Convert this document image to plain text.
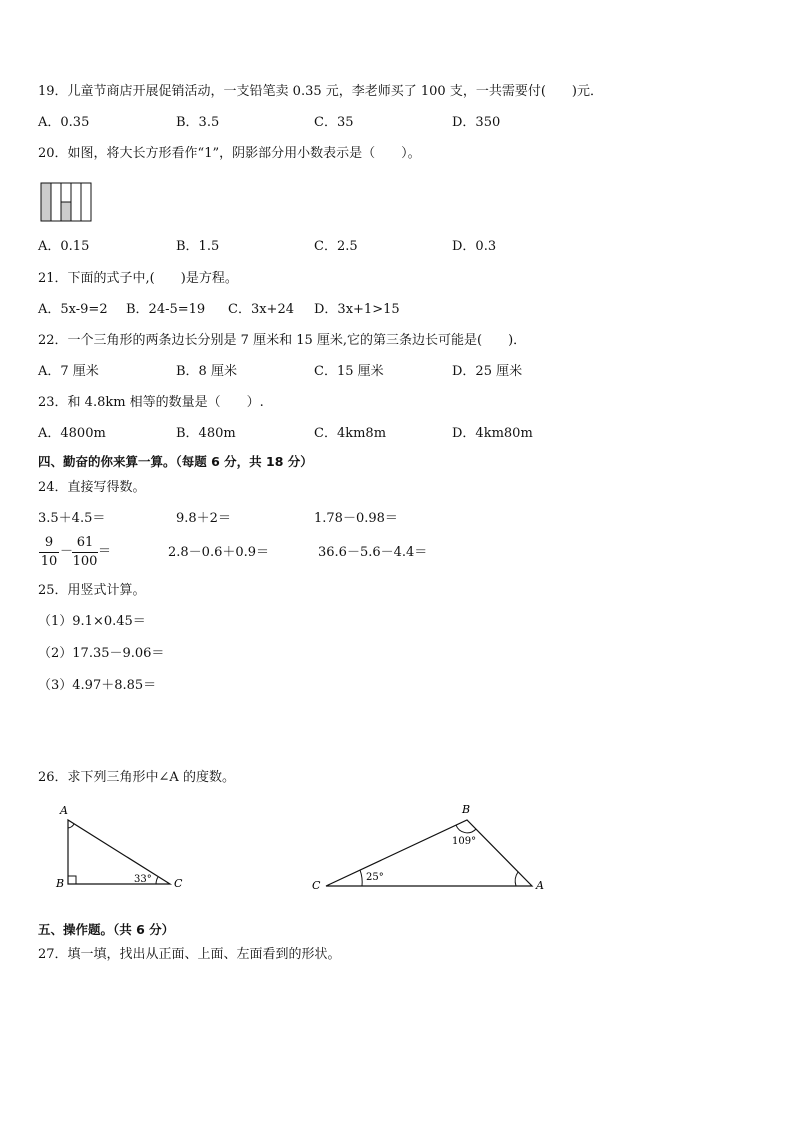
19．儿童节商店开展促销活动，一支铅笔卖 0.35 元，李老师买了 100 支，一共需要付(　　)元．
A．0.35	B．3.5	C．35	D．350
20．如图，将大长方形看作“1”，阴影部分用小数表示是（　　）。
A．0.15	B．1.5	C．2.5	D．0.3
21．下面的式子中,(　　)是方程。
A．5x-9=2 B．24-5=19 C．3x+24 D．3x+1>15
22．一个三角形的两条边长分别是 7 厘米和 15 厘米,它的第三条边长可能是(　　)．
A．7 厘米	B．8 厘米	C．15 厘米	D．25 厘米
23．和 4.8km 相等的数量是（　　）.
A．4800m	B．480m	C．4km8m	D．4km80m
四、勤奋的你来算一算。（每题 6 分，共 18 分）
24．直接写得数。
3.5＋4.5＝	9.8＋2＝	1.78－0.98＝
9
10
－
61
100
＝	2.8－0.6＋0.9＝	36.6－5.6－4.4＝
25．用竖式计算。
（1）9.1×0.45＝
（2）17.35－9.06＝
（3）4.97＋8.85＝
26．求下列三角形中∠A 的度数。
A
B	C
33°
B
C	A
109°
25°
五、操作题。（共 6 分）
27．填一填，找出从正面、上面、左面看到的形状。
